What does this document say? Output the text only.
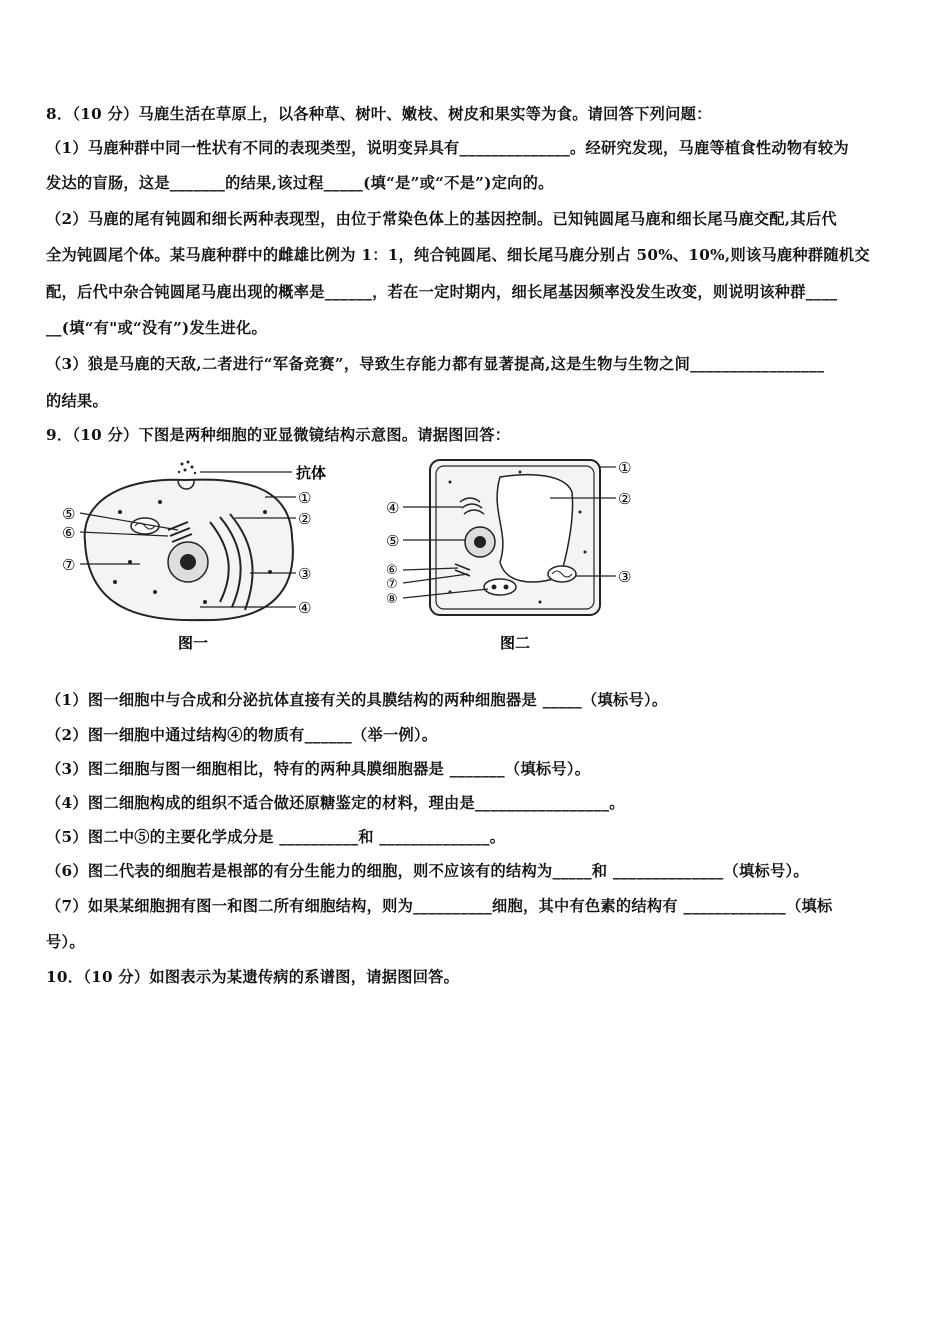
8．（10 分）马鹿生活在草原上，以各种草、树叶、嫩枝、树皮和果实等为食。请回答下列问题：
（1）马鹿种群中同一性状有不同的表现类型，说明变异具有______________。经研究发现，马鹿等植食性动物有较为
发达的盲肠，这是_______的结果,该过程_____(填“是”或“不是”)定向的。
（2）马鹿的尾有钝圆和细长两种表现型，由位于常染色体上的基因控制。已知钝圆尾马鹿和细长尾马鹿交配,其后代
全为钝圆尾个体。某马鹿种群中的雌雄比例为 1：1，纯合钝圆尾、细长尾马鹿分别占 50%、10%,则该马鹿种群随机交
配，后代中杂合钝圆尾马鹿出现的概率是______，若在一定时期内，细长尾基因频率没发生改变，则说明该种群____
__(填“有"或“没有”)发生进化。
（3）狼是马鹿的天敌,二者进行“军备竞赛”，导致生存能力都有显著提高,这是生物与生物之间_________________
的结果。
9．（10 分）下图是两种细胞的亚显微镜结构示意图。请据图回答：
抗体
①
②
③
④
⑤
⑥
⑦
图一
①
②
③
④
⑤
⑥
⑦
⑧
图二
（1）图一细胞中与合成和分泌抗体直接有关的具膜结构的两种细胞器是 _____（填标号）。
（2）图一细胞中通过结构④的物质有______（举一例）。
（3）图二细胞与图一细胞相比，特有的两种具膜细胞器是 _______（填标号）。
（4）图二细胞构成的组织不适合做还原糖鉴定的材料，理由是_________________。
（5）图二中⑤的主要化学成分是 __________和 ______________。
（6）图二代表的细胞若是根部的有分生能力的细胞，则不应该有的结构为_____和 ______________（填标号）。
（7）如果某细胞拥有图一和图二所有细胞结构，则为__________细胞，其中有色素的结构有 _____________（填标
号）。
10．（10 分）如图表示为某遗传病的系谱图，请据图回答。
